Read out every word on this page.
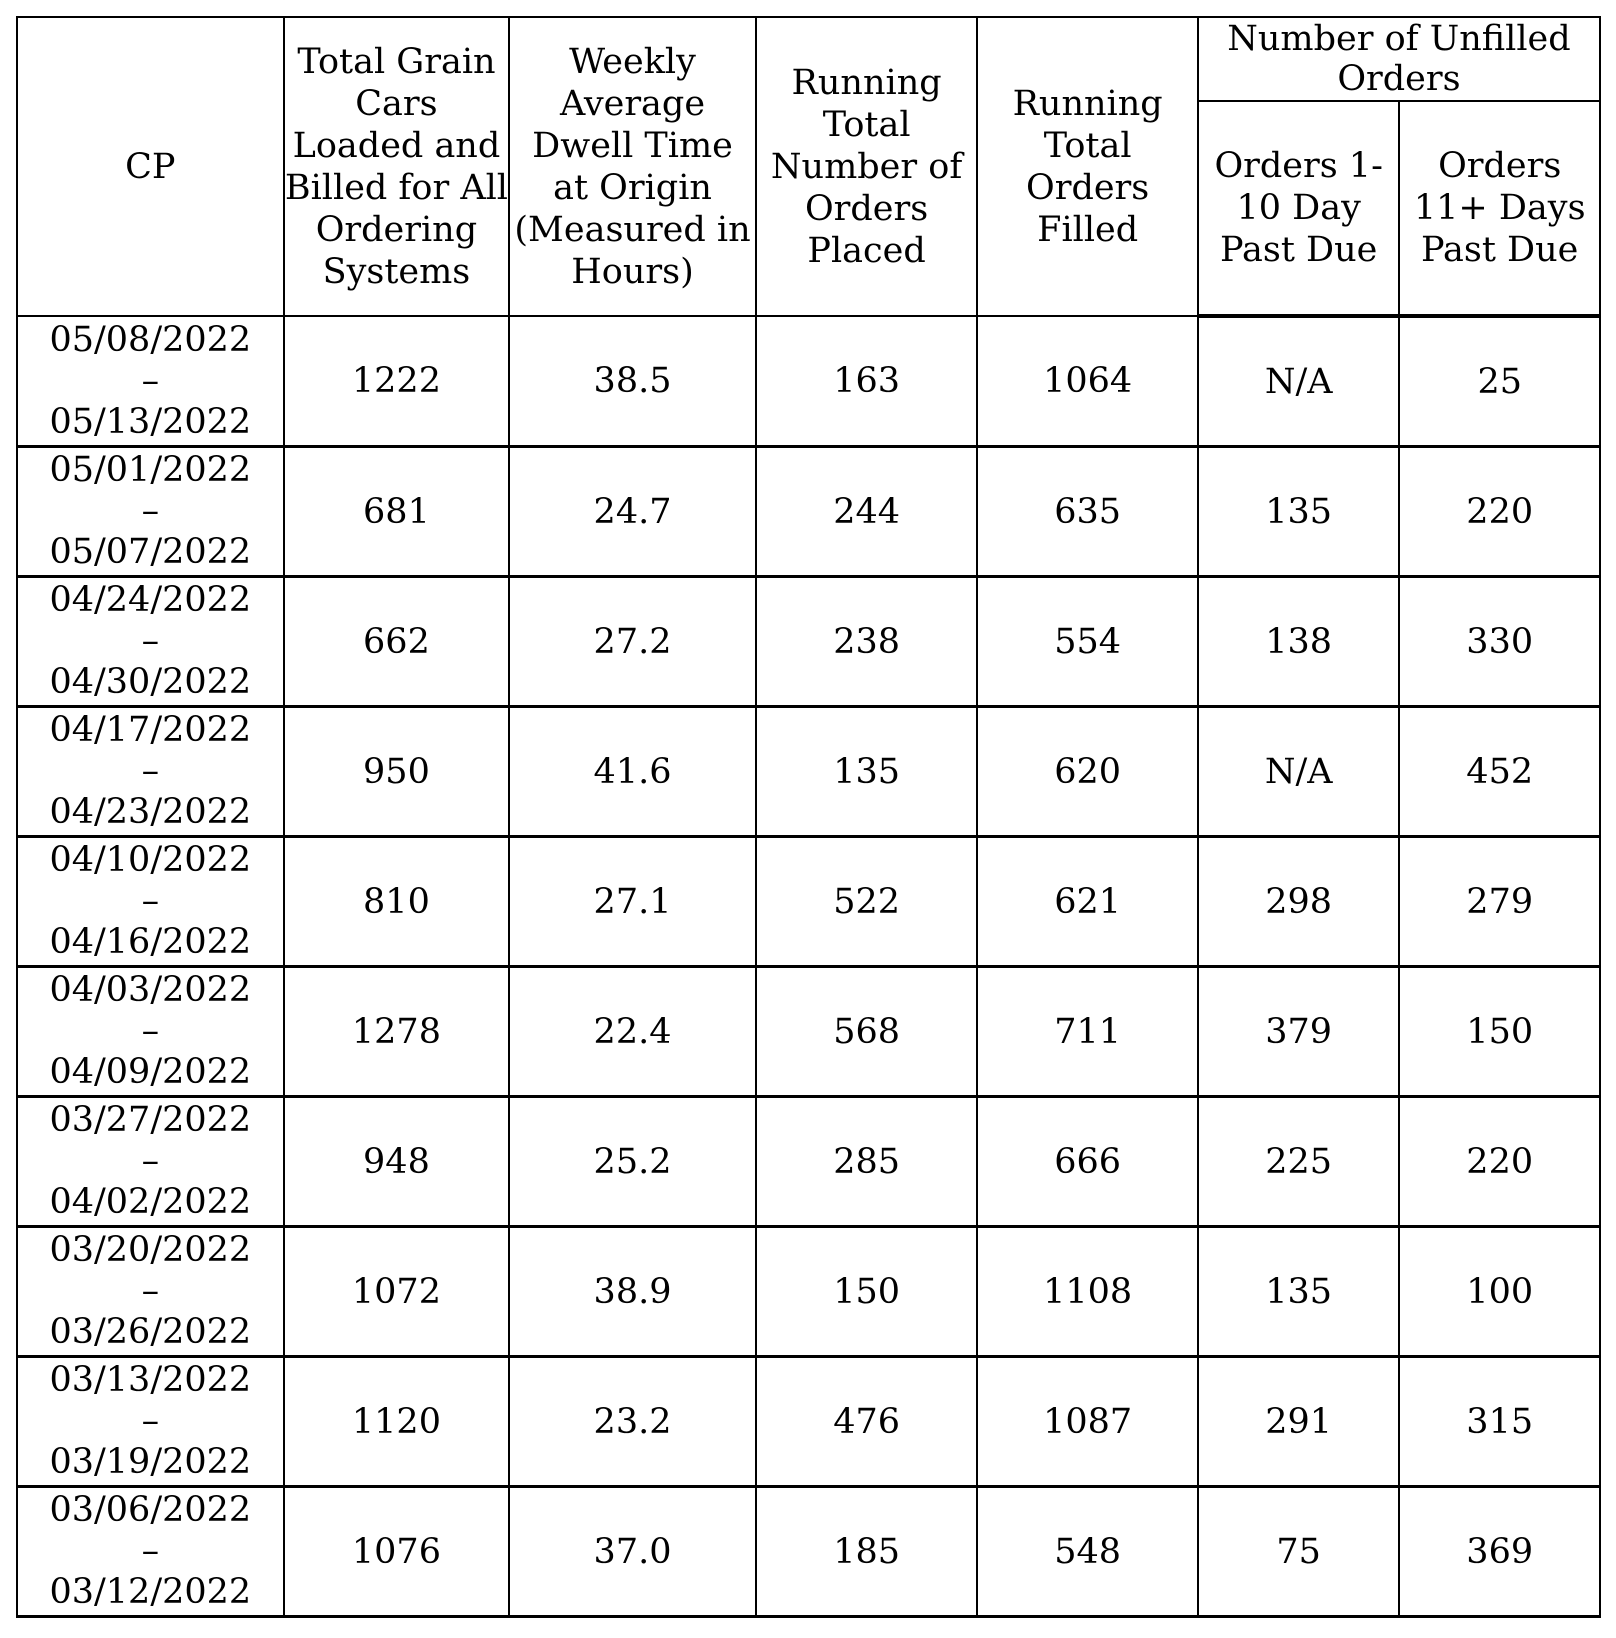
CP	Total Grain Cars Loaded and Billed for All Ordering Systems	Weekly Average Dwell Time at Origin (Measured in Hours)	Running Total Number of Orders Placed	Running Total Orders Filled	Number of Unfilled Orders	
					Orders 1-10 Day Past Due	Orders 11+ Days Past Due

05/08/2022
–
05/13/2022	1222	38.5	163	1064	N/A	25

05/01/2022
–
05/07/2022	681	24.7	244	635	135	220

04/24/2022
–
04/30/2022	662	27.2	238	554	138	330

04/17/2022
–
04/23/2022	950	41.6	135	620	N/A	452

04/10/2022
–
04/16/2022	810	27.1	522	621	298	279

04/03/2022
–
04/09/2022	1278	22.4	568	711	379	150

03/27/2022
–
04/02/2022	948	25.2	285	666	225	220

03/20/2022
–
03/26/2022	1072	38.9	150	1108	135	100

03/13/2022
–
03/19/2022	1120	23.2	476	1087	291	315

03/06/2022
–
03/12/2022	1076	37.0	185	548	75	369
